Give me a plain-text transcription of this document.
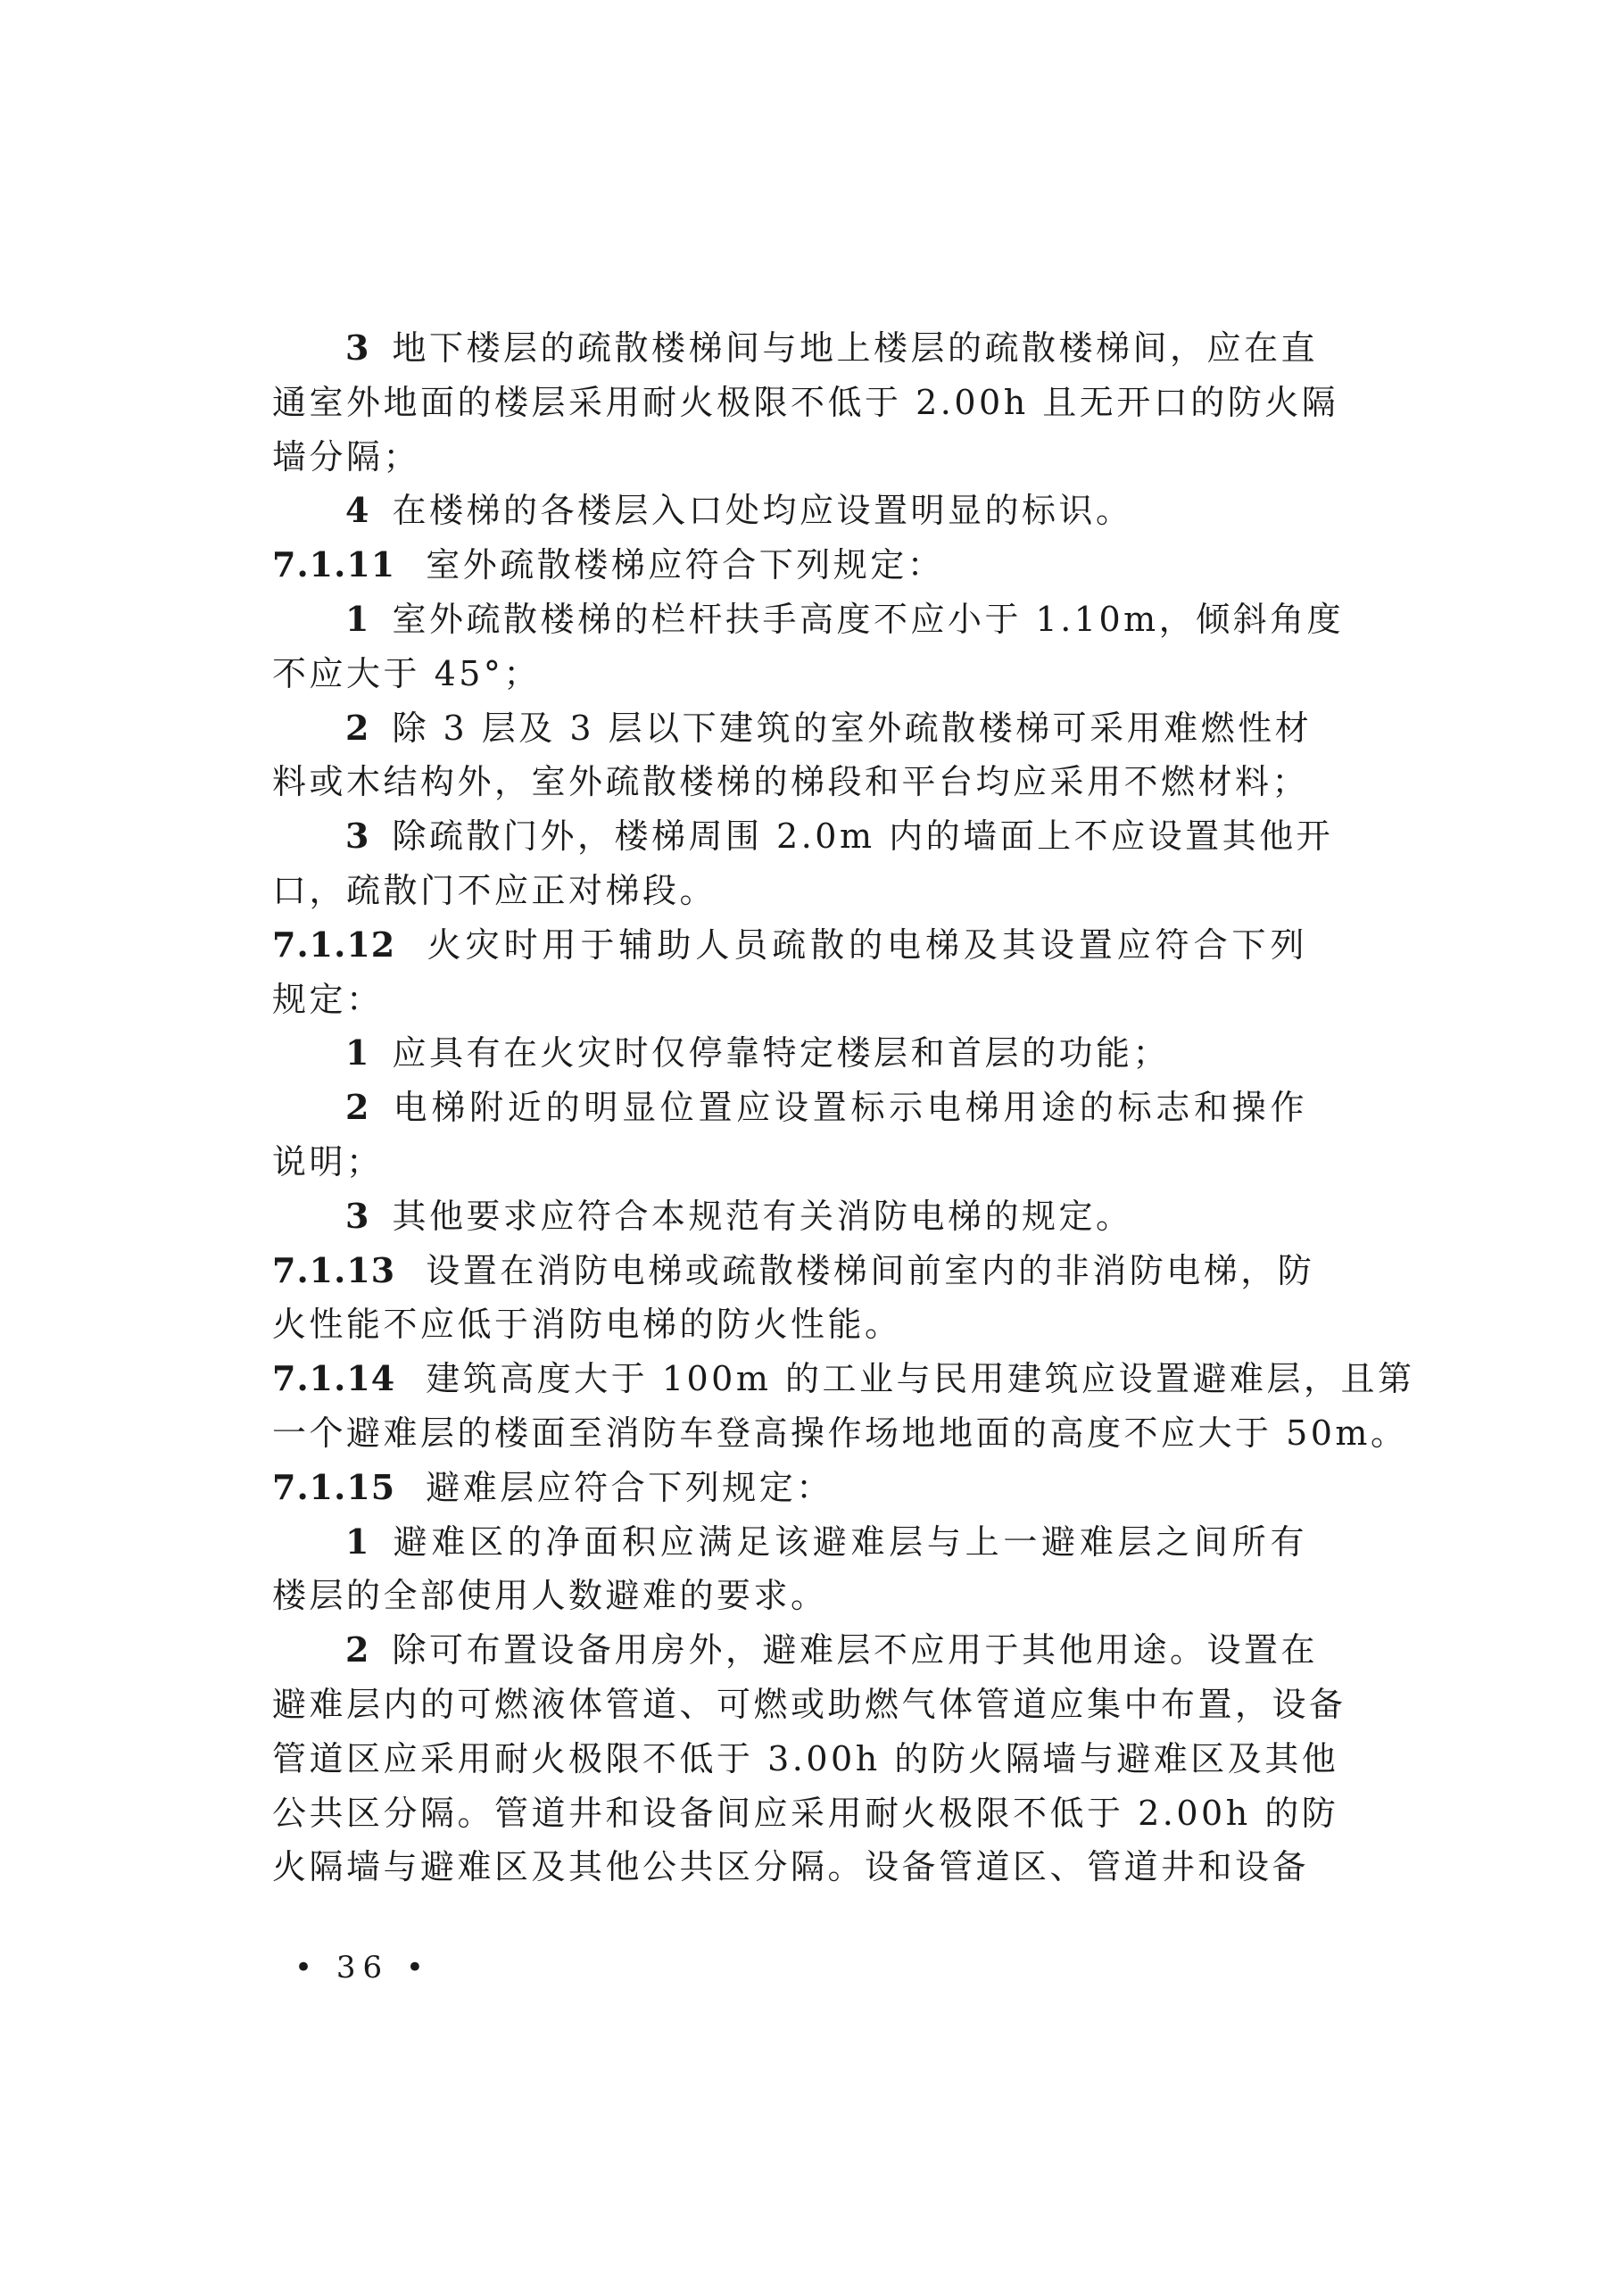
3 地下楼层的疏散楼梯间与地上楼层的疏散楼梯间，应在直
通室外地面的楼层采用耐火极限不低于 2.00h 且无开口的防火隔
墙分隔；
4 在楼梯的各楼层入口处均应设置明显的标识。
7.1.11 室外疏散楼梯应符合下列规定：
1 室外疏散楼梯的栏杆扶手高度不应小于 1.10m，倾斜角度
不应大于 45°；
2 除 3 层及 3 层以下建筑的室外疏散楼梯可采用难燃性材
料或木结构外，室外疏散楼梯的梯段和平台均应采用不燃材料；
3 除疏散门外，楼梯周围 2.0m 内的墙面上不应设置其他开
口，疏散门不应正对梯段。
7.1.12 火灾时用于辅助人员疏散的电梯及其设置应符合下列
规定：
1 应具有在火灾时仅停靠特定楼层和首层的功能；
2 电梯附近的明显位置应设置标示电梯用途的标志和操作
说明；
3 其他要求应符合本规范有关消防电梯的规定。
7.1.13 设置在消防电梯或疏散楼梯间前室内的非消防电梯，防
火性能不应低于消防电梯的防火性能。
7.1.14 建筑高度大于 100m 的工业与民用建筑应设置避难层，且第
一个避难层的楼面至消防车登高操作场地地面的高度不应大于 50m。
7.1.15 避难层应符合下列规定：
1 避难区的净面积应满足该避难层与上一避难层之间所有
楼层的全部使用人数避难的要求。
2 除可布置设备用房外，避难层不应用于其他用途。设置在
避难层内的可燃液体管道、可燃或助燃气体管道应集中布置，设备
管道区应采用耐火极限不低于 3.00h 的防火隔墙与避难区及其他
公共区分隔。管道井和设备间应采用耐火极限不低于 2.00h 的防
火隔墙与避难区及其他公共区分隔。设备管道区、管道井和设备
• 36 •
